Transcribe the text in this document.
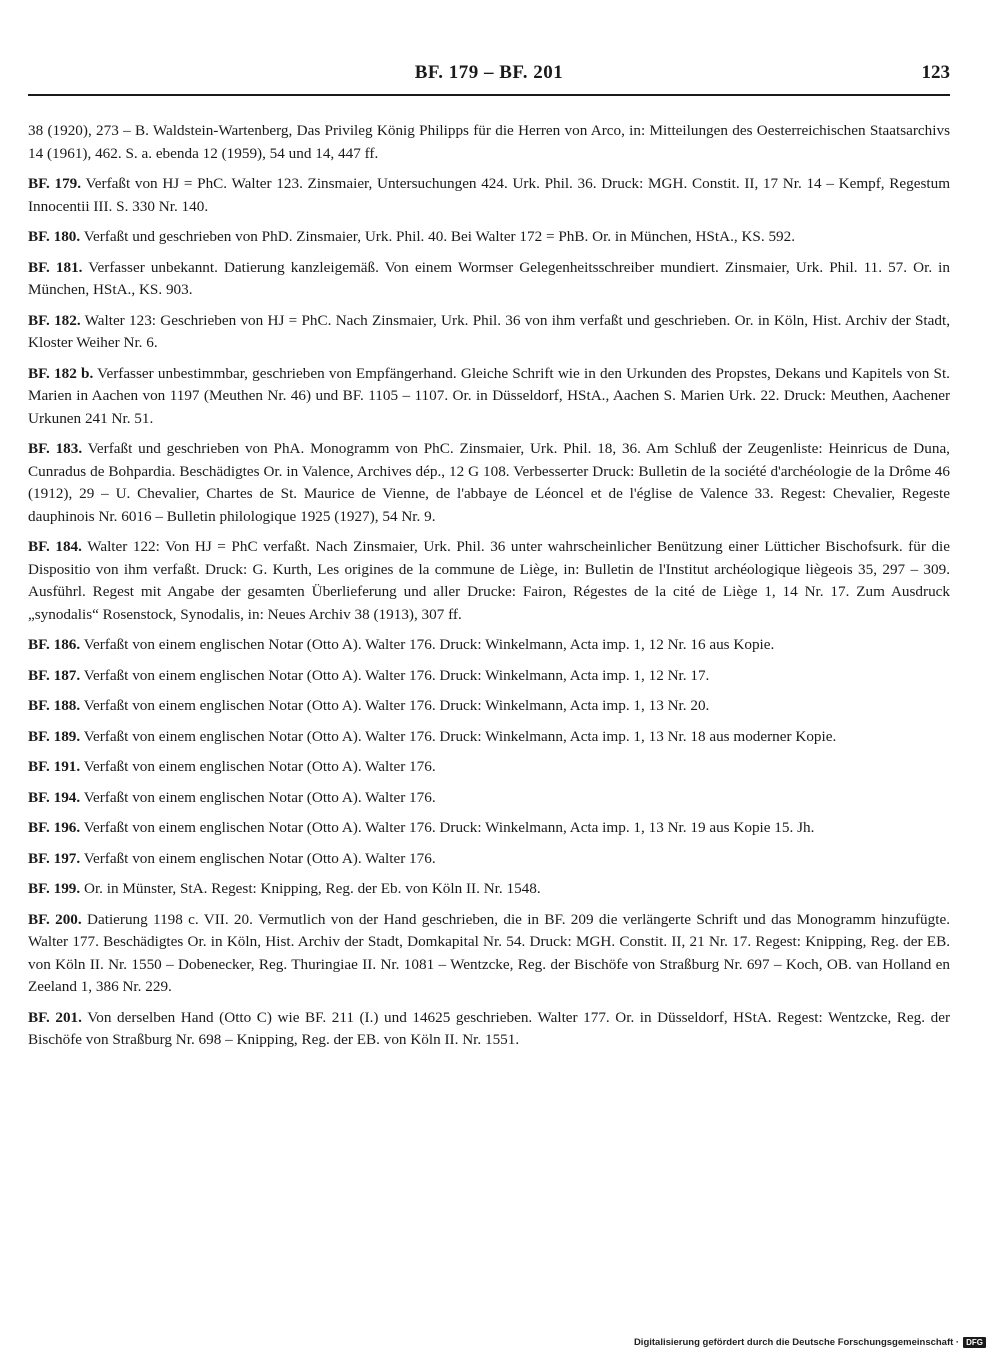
BF. 179 – BF. 201	123

38 (1920), 273 – B. Waldstein-Wartenberg, Das Privileg König Philipps für die Herren von Arco, in: Mitteilungen des Oesterreichischen Staatsarchivs 14 (1961), 462. S. a. ebenda 12 (1959), 54 und 14, 447 ff.

BF. 179. Verfaßt von HJ = PhC. Walter 123. Zinsmaier, Untersuchungen 424. Urk. Phil. 36. Druck: MGH. Constit. II, 17 Nr. 14 – Kempf, Regestum Innocentii III. S. 330 Nr. 140.

BF. 180. Verfaßt und geschrieben von PhD. Zinsmaier, Urk. Phil. 40. Bei Walter 172 = PhB. Or. in München, HStA., KS. 592.

BF. 181. Verfasser unbekannt. Datierung kanzleigemäß. Von einem Wormser Gelegenheitsschreiber mundiert. Zinsmaier, Urk. Phil. 11. 57. Or. in München, HStA., KS. 903.

BF. 182. Walter 123: Geschrieben von HJ = PhC. Nach Zinsmaier, Urk. Phil. 36 von ihm verfaßt und geschrieben. Or. in Köln, Hist. Archiv der Stadt, Kloster Weiher Nr. 6.

BF. 182 b. Verfasser unbestimmbar, geschrieben von Empfängerhand. Gleiche Schrift wie in den Urkunden des Propstes, Dekans und Kapitels von St. Marien in Aachen von 1197 (Meuthen Nr. 46) und BF. 1105 – 1107. Or. in Düsseldorf, HStA., Aachen S. Marien Urk. 22. Druck: Meuthen, Aachener Urkunen 241 Nr. 51.

BF. 183. Verfaßt und geschrieben von PhA. Monogramm von PhC. Zinsmaier, Urk. Phil. 18, 36. Am Schluß der Zeugenliste: Heinricus de Duna, Cunradus de Bohpardia. Beschädigtes Or. in Valence, Archives dép., 12 G 108. Verbesserter Druck: Bulletin de la société d'archéologie de la Drôme 46 (1912), 29 – U. Chevalier, Chartes de St. Maurice de Vienne, de l'abbaye de Léoncel et de l'église de Valence 33. Regest: Chevalier, Regeste dauphinois Nr. 6016 – Bulletin philologique 1925 (1927), 54 Nr. 9.

BF. 184. Walter 122: Von HJ = PhC verfaßt. Nach Zinsmaier, Urk. Phil. 36 unter wahrscheinlicher Benützung einer Lütticher Bischofsurk. für die Dispositio von ihm verfaßt. Druck: G. Kurth, Les origines de la commune de Liège, in: Bulletin de l'Institut archéologique liègeois 35, 297 – 309. Ausführl. Regest mit Angabe der gesamten Überlieferung und aller Drucke: Fairon, Régestes de la cité de Liège 1, 14 Nr. 17. Zum Ausdruck „synodalis“ Rosenstock, Synodalis, in: Neues Archiv 38 (1913), 307 ff.

BF. 186. Verfaßt von einem englischen Notar (Otto A). Walter 176. Druck: Winkelmann, Acta imp. 1, 12 Nr. 16 aus Kopie.

BF. 187. Verfaßt von einem englischen Notar (Otto A). Walter 176. Druck: Winkelmann, Acta imp. 1, 12 Nr. 17.

BF. 188. Verfaßt von einem englischen Notar (Otto A). Walter 176. Druck: Winkelmann, Acta imp. 1, 13 Nr. 20.

BF. 189. Verfaßt von einem englischen Notar (Otto A). Walter 176. Druck: Winkelmann, Acta imp. 1, 13 Nr. 18 aus moderner Kopie.

BF. 191. Verfaßt von einem englischen Notar (Otto A). Walter 176.

BF. 194. Verfaßt von einem englischen Notar (Otto A). Walter 176.

BF. 196. Verfaßt von einem englischen Notar (Otto A). Walter 176. Druck: Winkelmann, Acta imp. 1, 13 Nr. 19 aus Kopie 15. Jh.

BF. 197. Verfaßt von einem englischen Notar (Otto A). Walter 176.

BF. 199. Or. in Münster, StA. Regest: Knipping, Reg. der Eb. von Köln II. Nr. 1548.

BF. 200. Datierung 1198 c. VII. 20. Vermutlich von der Hand geschrieben, die in BF. 209 die verlängerte Schrift und das Monogramm hinzufügte. Walter 177. Beschädigtes Or. in Köln, Hist. Archiv der Stadt, Domkapital Nr. 54. Druck: MGH. Constit. II, 21 Nr. 17. Regest: Knipping, Reg. der EB. von Köln II. Nr. 1550 – Dobenecker, Reg. Thuringiae II. Nr. 1081 – Wentzcke, Reg. der Bischöfe von Straßburg Nr. 697 – Koch, OB. van Holland en Zeeland 1, 386 Nr. 229.

BF. 201. Von derselben Hand (Otto C) wie BF. 211 (I.) und 14625 geschrieben. Walter 177. Or. in Düsseldorf, HStA. Regest: Wentzcke, Reg. der Bischöfe von Straßburg Nr. 698 – Knipping, Reg. der EB. von Köln II. Nr. 1551.

Digitalisierung gefördert durch die Deutsche Forschungsgemeinschaft · DFG
